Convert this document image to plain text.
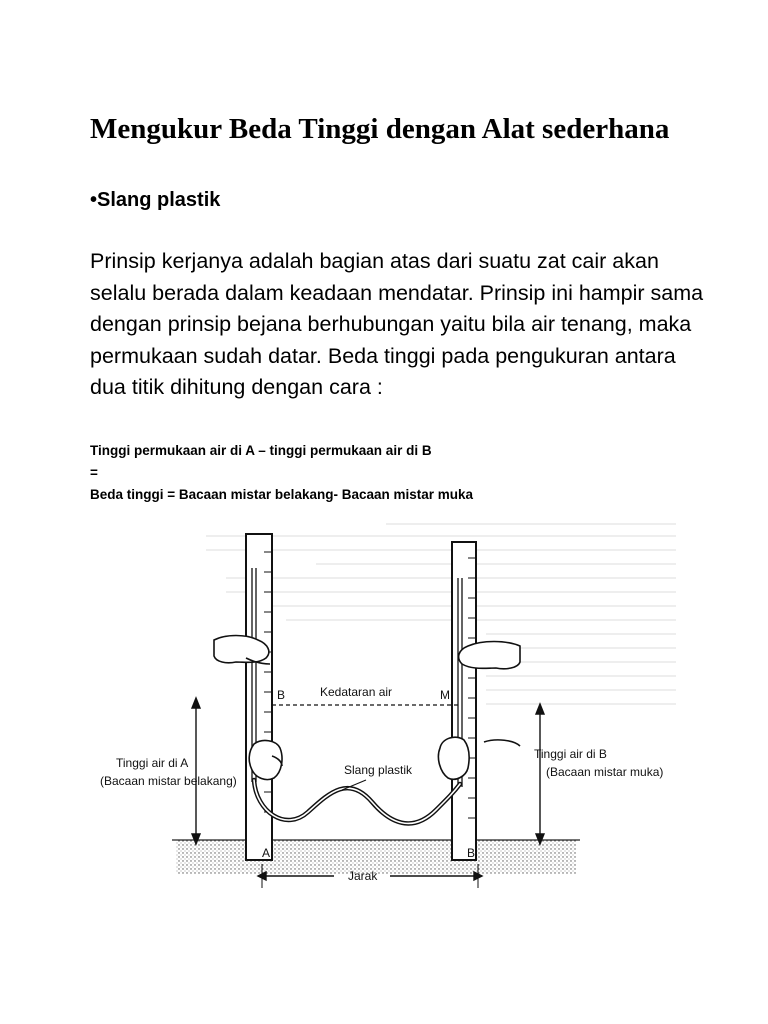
Mengukur Beda Tinggi dengan Alat sederhana

•Slang plastik

Prinsip kerjanya adalah bagian atas dari suatu zat cair akan selalu berada dalam keadaan mendatar. Prinsip ini hampir sama dengan prinsip bejana berhubungan yaitu bila air tenang, maka permukaan sudah datar. Beda tinggi pada pengukuran antara dua titik dihitung dengan cara :

Tinggi permukaan air di A – tinggi permukaan air di B
=
Beda tinggi = Bacaan mistar belakang- Bacaan mistar muka
B	Kedataran air	M
Tinggi air di A
(Bacaan mistar belakang)
Slang plastik
Tinggi air di B
(Bacaan mistar muka)
A	B
Jarak
